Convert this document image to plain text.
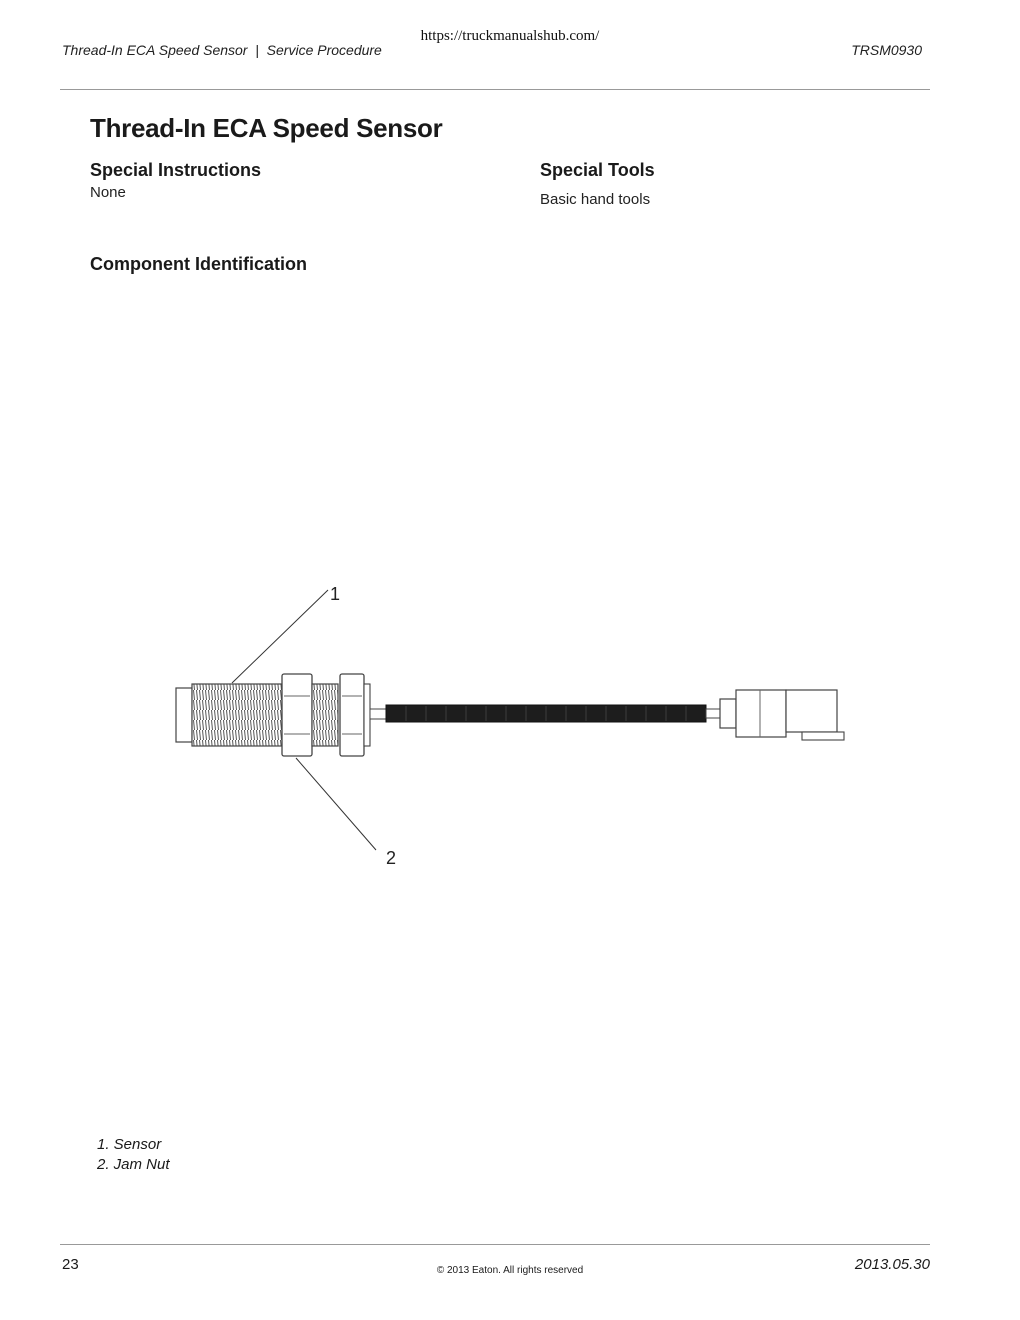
https://truckmanualshub.com/
Thread-In ECA Speed Sensor  |  Service Procedure	TRSM0930
Thread-In ECA Speed Sensor
Special Instructions
None
Special Tools
Basic hand tools
Component Identification
1
2
1. Sensor
2. Jam Nut
23	© 2013 Eaton. All rights reserved	2013.05.30
